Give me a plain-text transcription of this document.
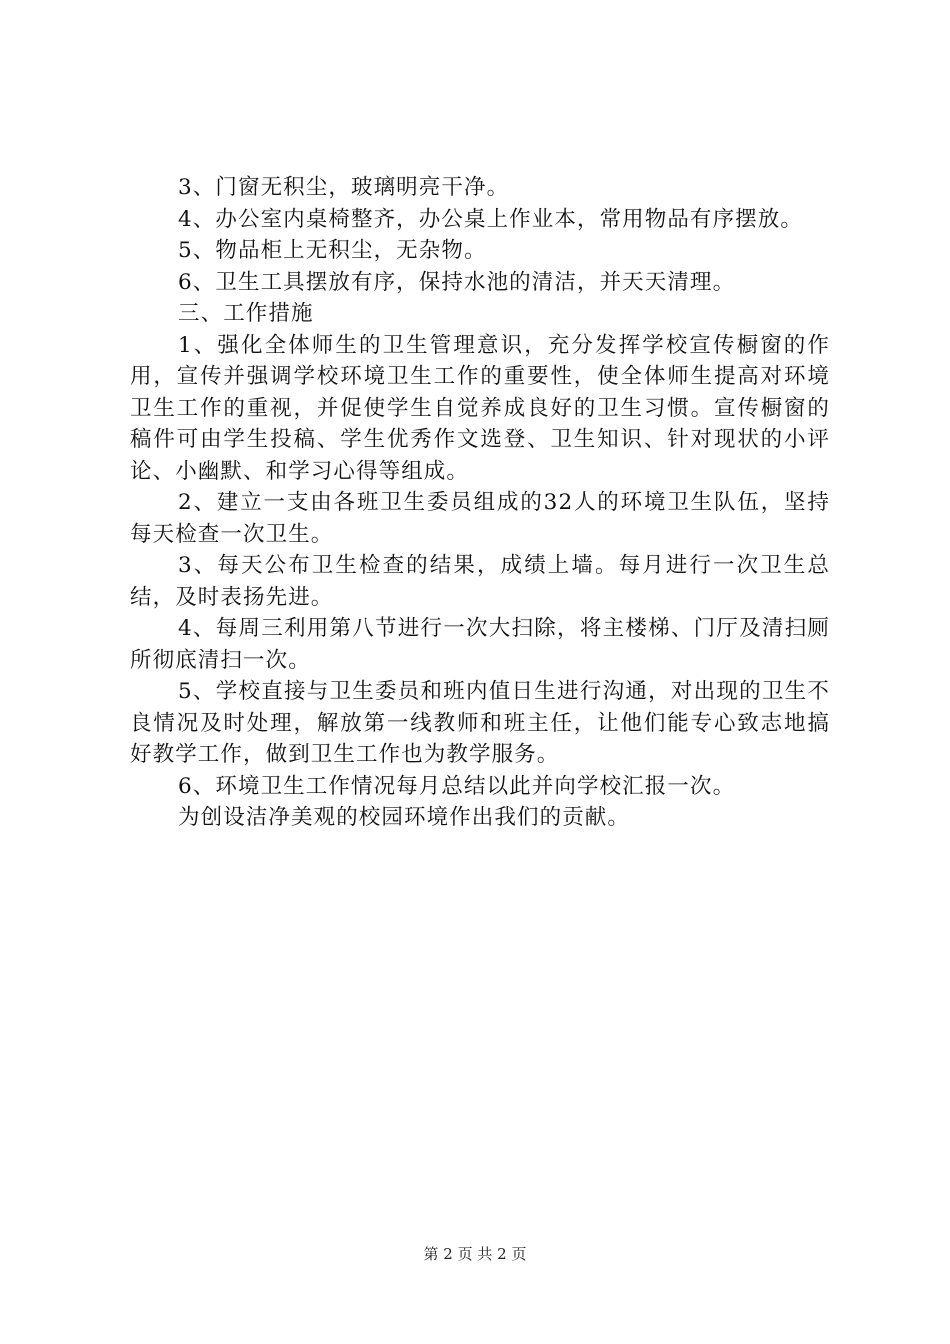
3、门窗无积尘，玻璃明亮干净。

4、办公室内桌椅整齐，办公桌上作业本，常用物品有序摆放。

5、物品柜上无积尘，无杂物。

6、卫生工具摆放有序，保持水池的清洁，并天天清理。

三、工作措施

1、强化全体师生的卫生管理意识，充分发挥学校宣传橱窗的作用，宣传并强调学校环境卫生工作的重要性，使全体师生提高对环境卫生工作的重视，并促使学生自觉养成良好的卫生习惯。宣传橱窗的稿件可由学生投稿、学生优秀作文选登、卫生知识、针对现状的小评论、小幽默、和学习心得等组成。

2、建立一支由各班卫生委员组成的32人的环境卫生队伍，坚持每天检查一次卫生。

3、每天公布卫生检查的结果，成绩上墙。每月进行一次卫生总结，及时表扬先进。

4、每周三利用第八节进行一次大扫除，将主楼梯、门厅及清扫厕所彻底清扫一次。

5、学校直接与卫生委员和班内值日生进行沟通，对出现的卫生不良情况及时处理，解放第一线教师和班主任，让他们能专心致志地搞好教学工作，做到卫生工作也为教学服务。

6、环境卫生工作情况每月总结以此并向学校汇报一次。

为创设洁净美观的校园环境作出我们的贡献。

第 2 页 共 2 页
